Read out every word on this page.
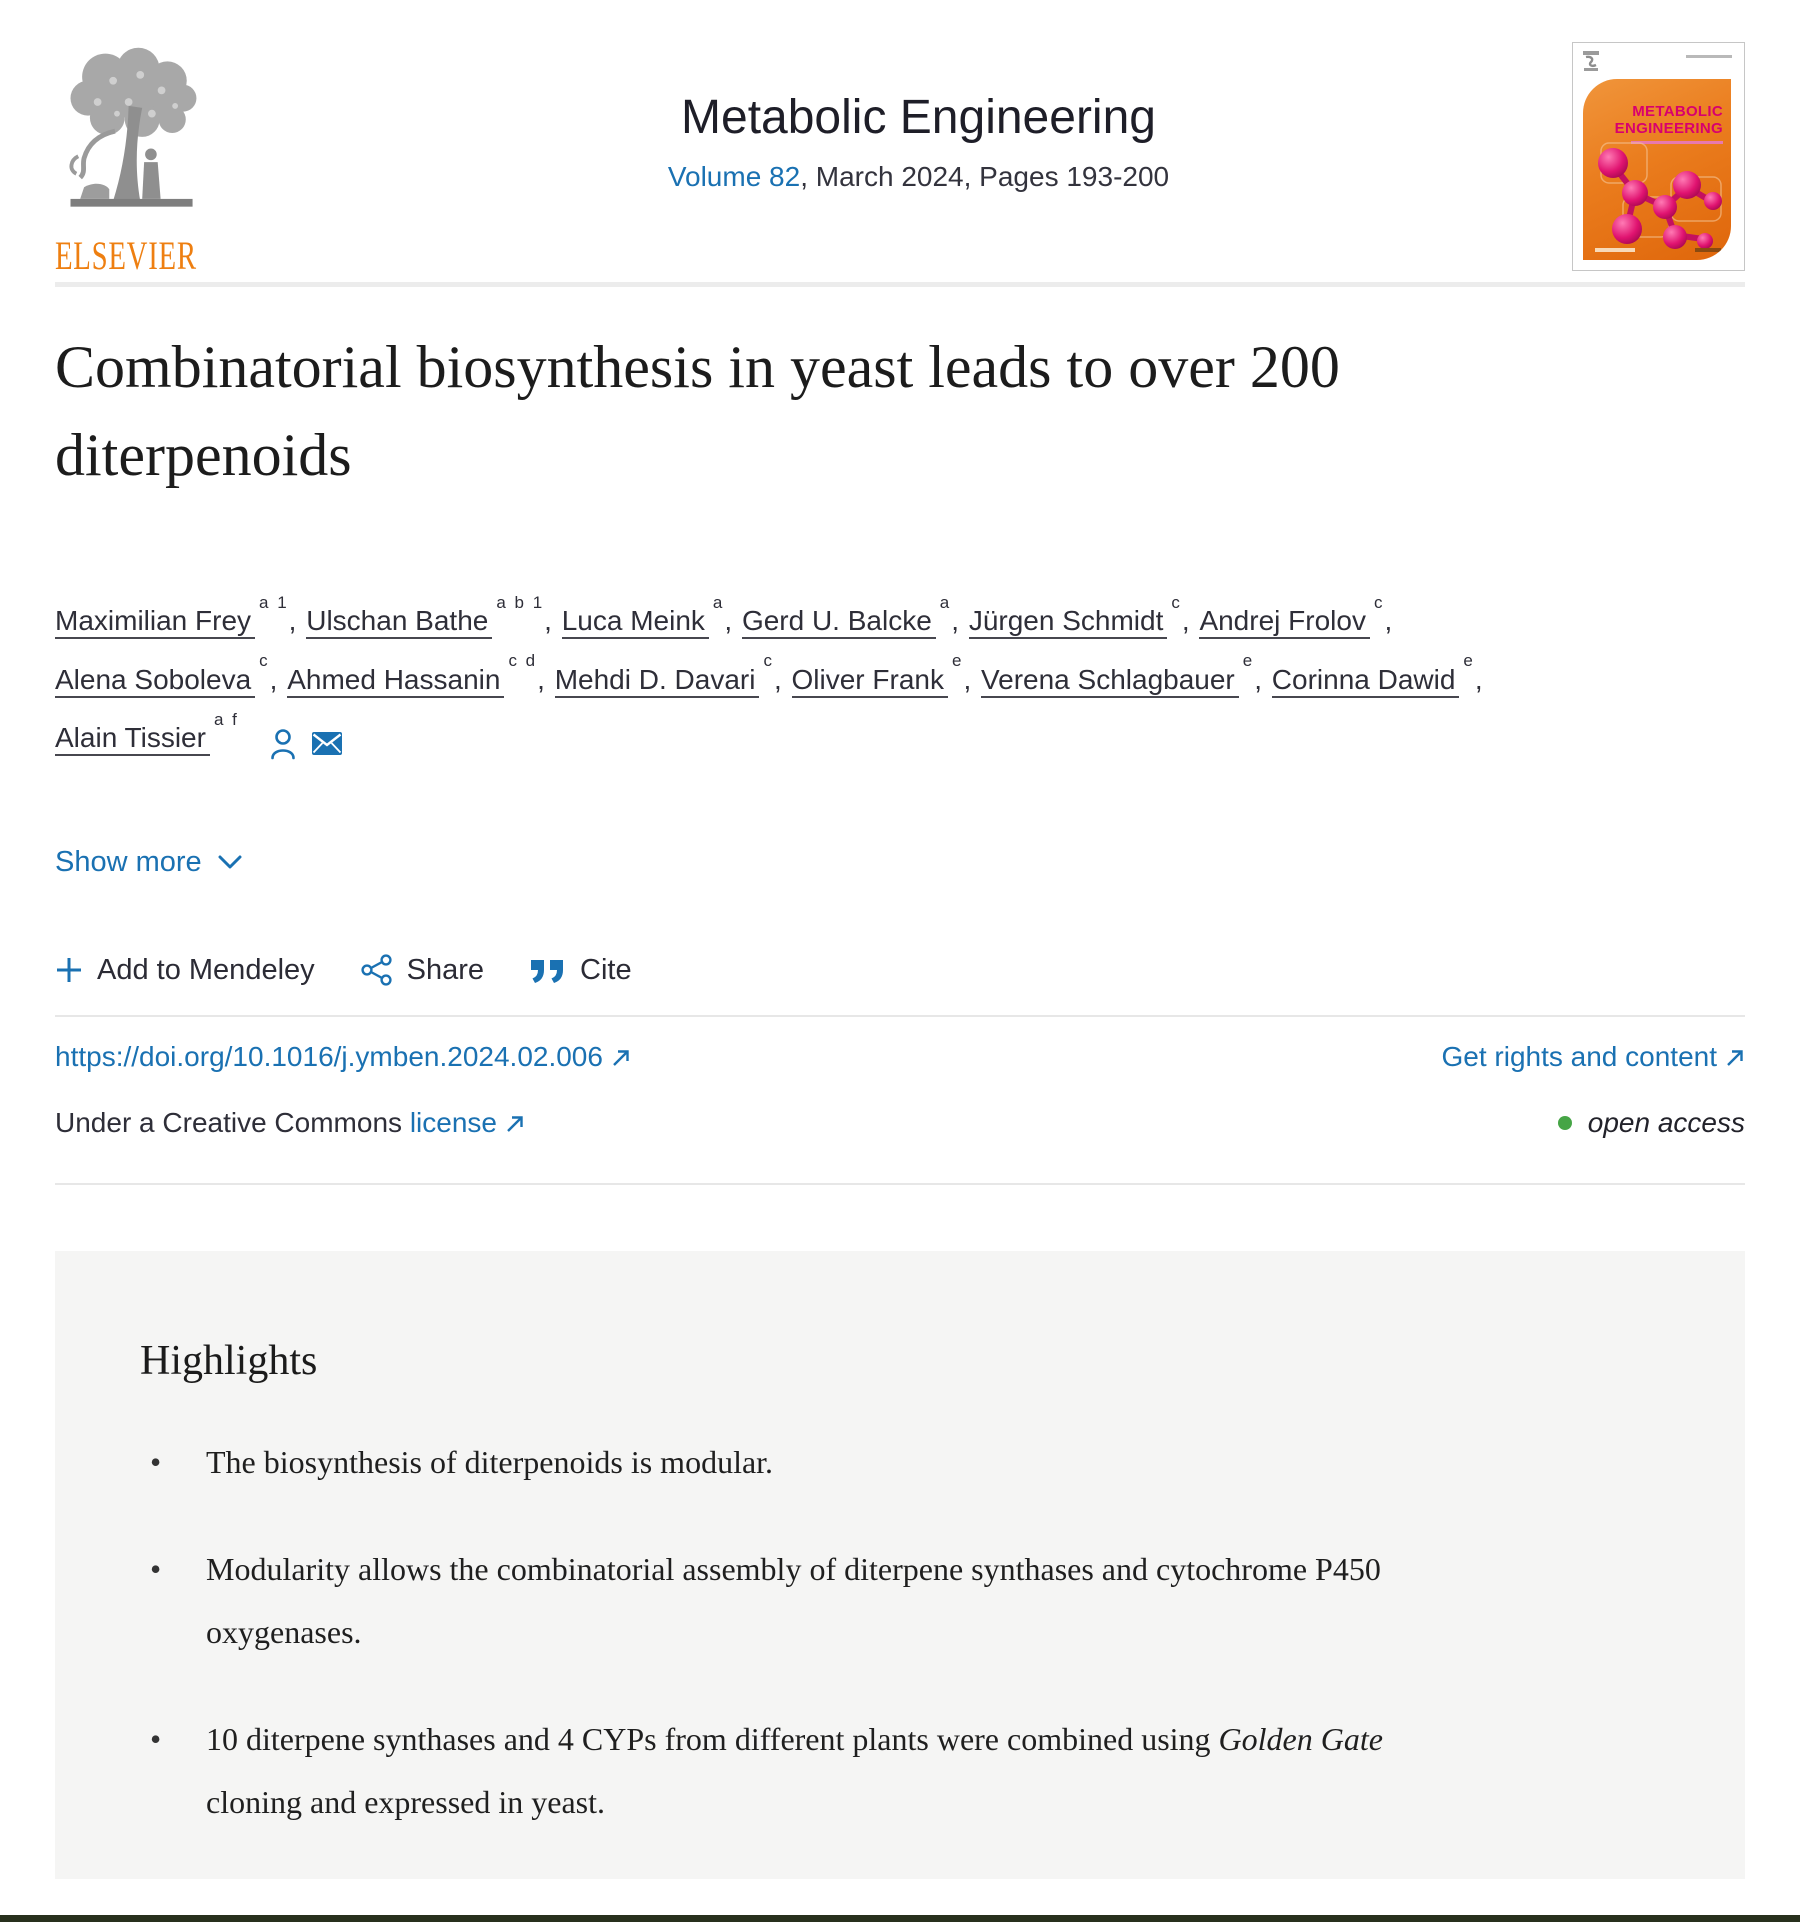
ELSEVIER
Metabolic Engineering
Volume 82, March 2024, Pages 193-200
METABOLIC
ENGINEERING
Combinatorial biosynthesis in yeast leads to over 200 diterpenoids

Maximilian Frey$^{a 1}$, Ulschan Bathe$^{a b 1}$, Luca Meink$^a$, Gerd U. Balcke$^a$, Jürgen Schmidt$^c$, Andrej Frolov$^c$, Alena Soboleva$^c$, Ahmed Hassanin$^{c d}$, Mehdi D. Davari$^c$, Oliver Frank$^e$, Verena Schlagbauer$^e$, Corinna Dawid$^e$, Alain Tissier$^{a f}$

Show more
Add to Mendeley	Share	Cite
https://doi.org/10.1016/j.ymben.2024.02.006	Get rights and content
Under a Creative Commons license	open access
Highlights
• The biosynthesis of diterpenoids is modular.
• Modularity allows the combinatorial assembly of diterpene synthases and cytochrome P450 oxygenases.
• 10 diterpene synthases and 4 CYPs from different plants were combined using Golden Gate cloning and expressed in yeast.
